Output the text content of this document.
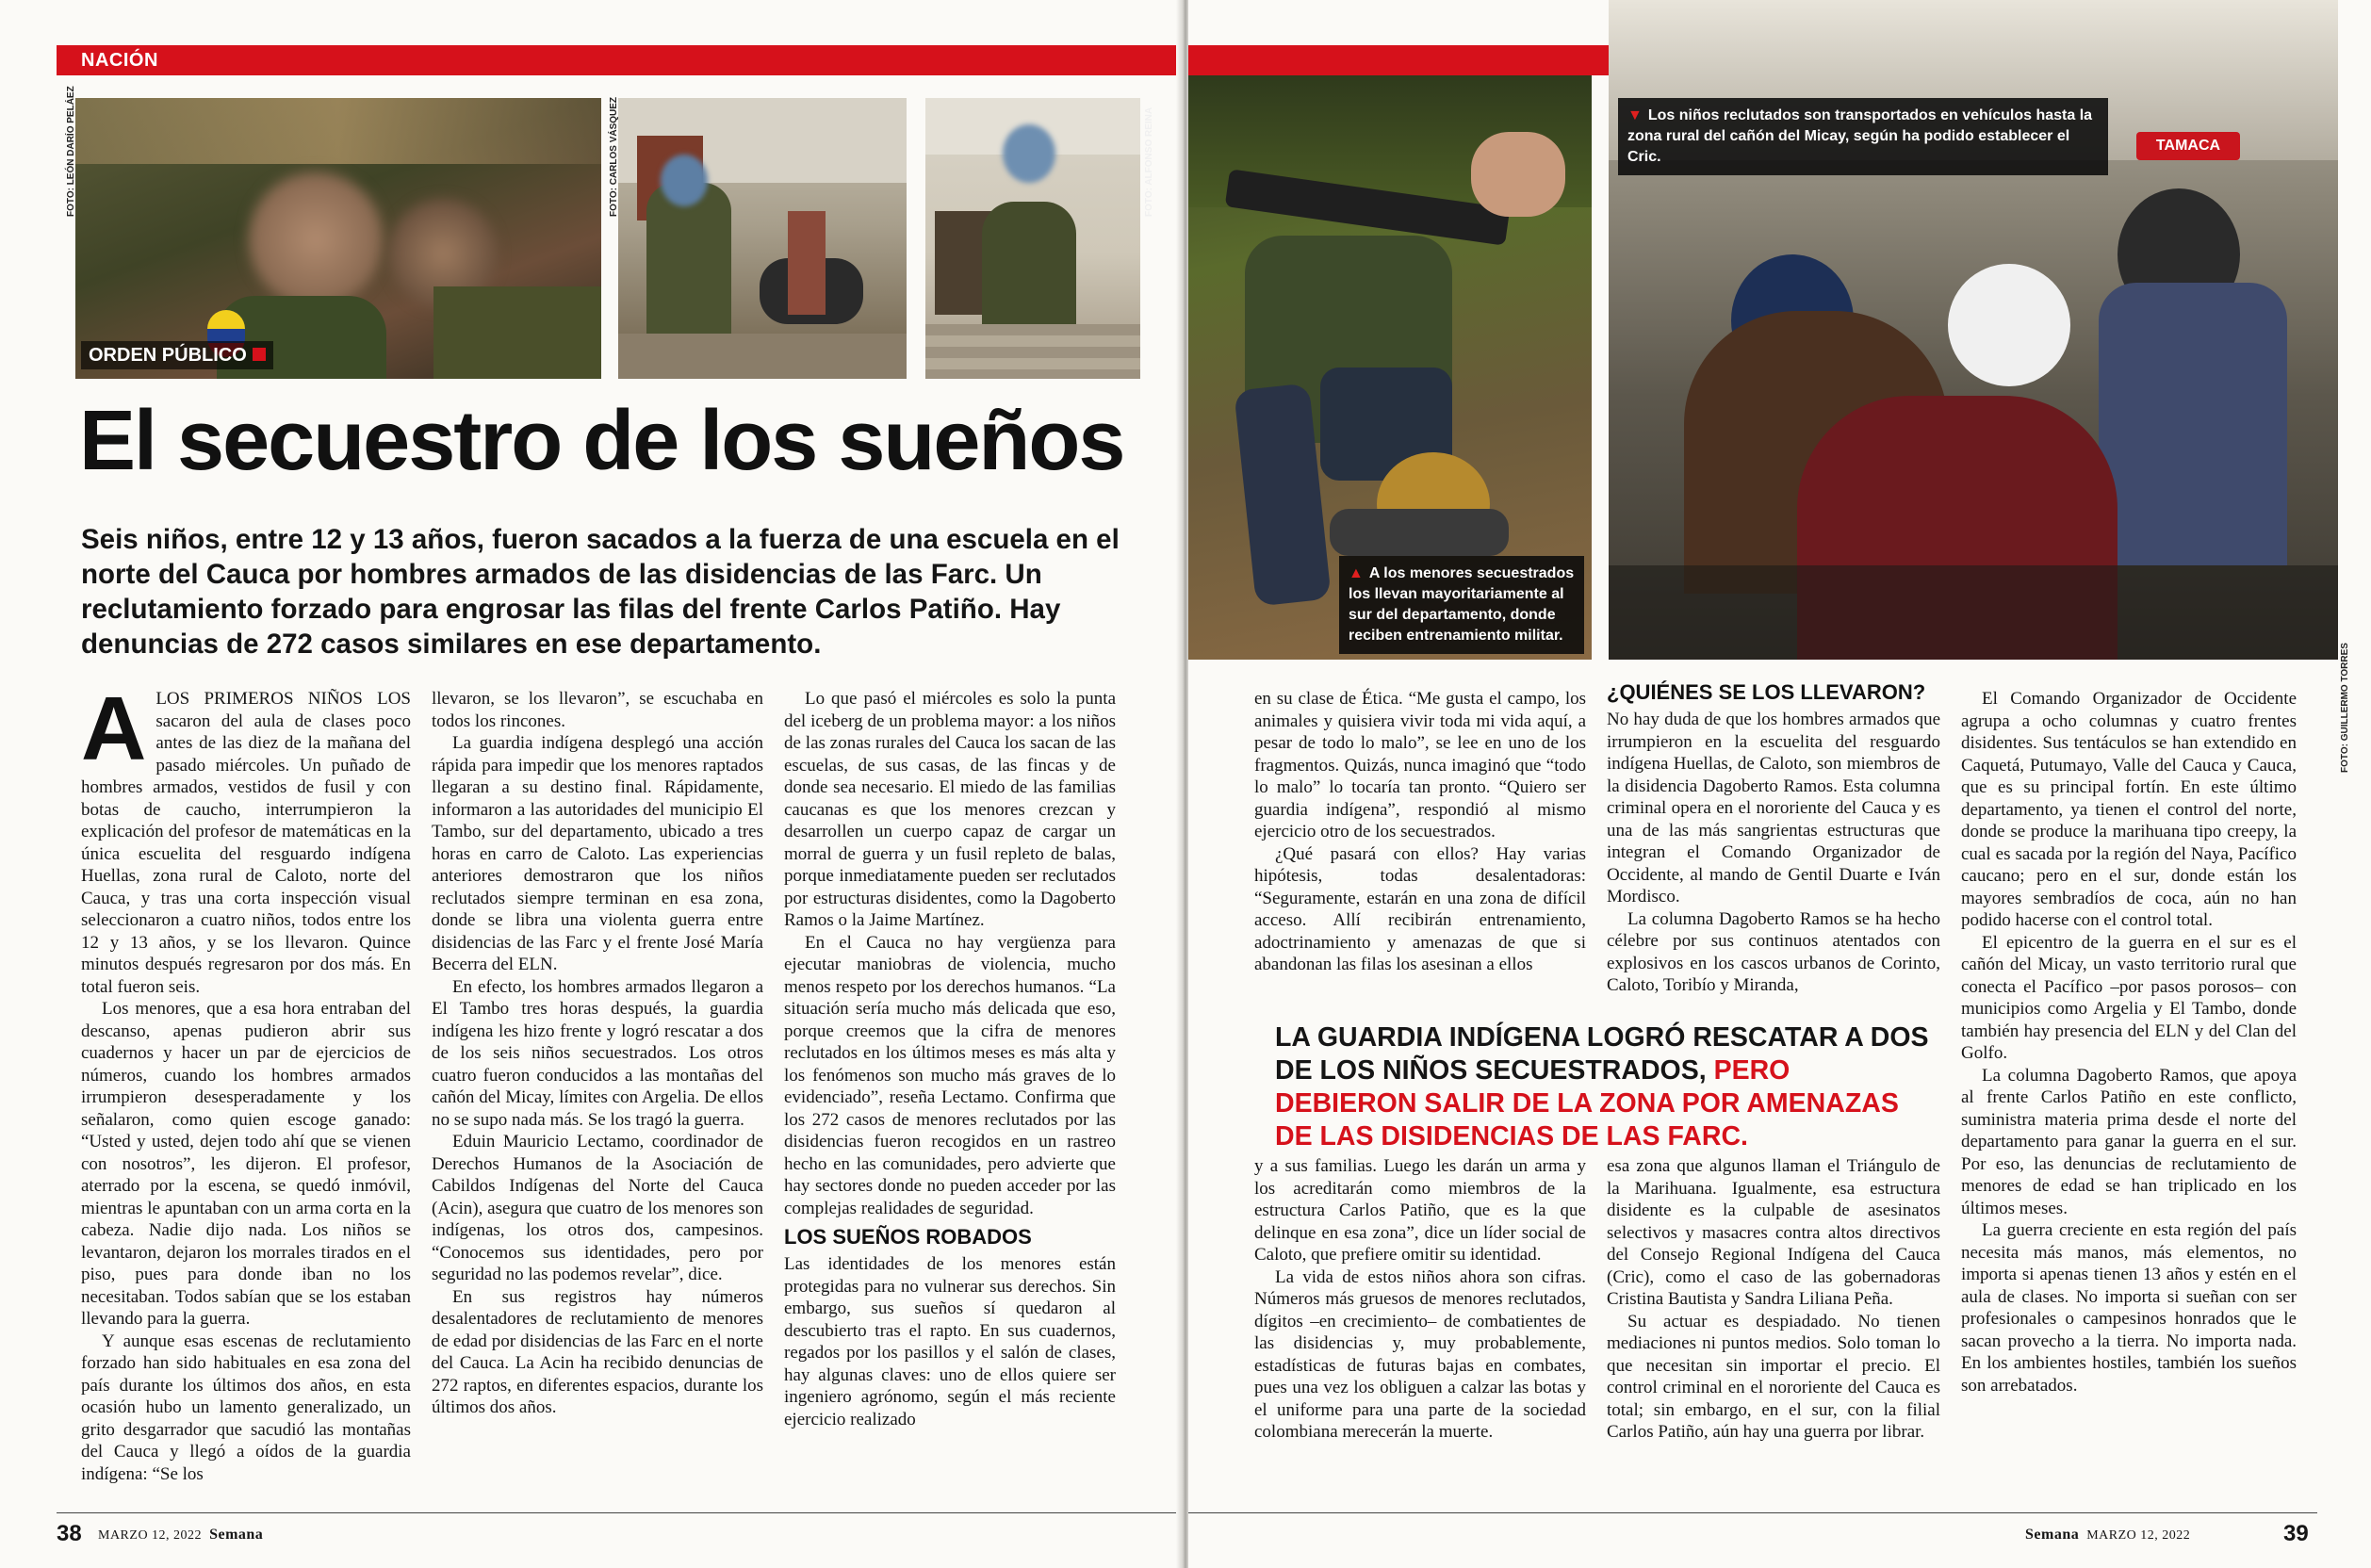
NACIÓN
ORDEN PÚBLICO
FOTO: LEÓN DARÍO PELÁEZ	FOTO: CARLOS VÁSQUEZ	FOTO: ALFONSO REINA
El secuestro de los sueños
Seis niños, entre 12 y 13 años, fueron sacados a la fuerza de una escuela en el norte del Cauca por hombres armados de las disidencias de las Farc. Un reclutamiento forzado para engrosar las filas del frente Carlos Patiño. Hay denuncias de 272 casos similares en ese departamento.

ALOS PRIMEROS NIÑOS LOS sacaron del aula de clases poco antes de las diez de la mañana del pasado miércoles. Un puñado de hombres armados, vestidos de fusil y con botas de caucho, interrumpieron la explicación del profesor de matemáticas en la única escuelita del resguardo indígena Huellas, zona rural de Caloto, norte del Cauca, y tras una corta inspección visual seleccionaron a cuatro niños, todos entre los 12 y 13 años, y se los llevaron. Quince minutos después regresaron por dos más. En total fueron seis.

Los menores, que a esa hora entraban del descanso, apenas pudieron abrir sus cuadernos y hacer un par de ejercicios de números, cuando los hombres armados irrumpieron desesperadamente y los señalaron, como quien escoge ganado: “Usted y usted, dejen todo ahí que se vienen con nosotros”, les dijeron. El profesor, aterrado por la escena, se quedó inmóvil, mientras le apuntaban con un arma corta en la cabeza. Nadie dijo nada. Los niños se levantaron, dejaron los morrales tirados en el piso, pues para donde iban no los necesitaban. Todos sabían que se los estaban llevando para la guerra.

Y aunque esas escenas de reclutamiento forzado han sido habituales en esa zona del país durante los últimos dos años, en esta ocasión hubo un lamento generalizado, un grito desgarrador que sacudió las montañas del Cauca y llegó a oídos de la guardia indígena: “Se los

llevaron, se los llevaron”, se escuchaba en todos los rincones.

La guardia indígena desplegó una acción rápida para impedir que los menores raptados llegaran a su destino final. Rápidamente, informaron a las autoridades del municipio El Tambo, sur del departamento, ubicado a tres horas en carro de Caloto. Las experiencias anteriores demostraron que los niños reclutados siempre terminan en esa zona, donde se libra una violenta guerra entre disidencias de las Farc y el frente José María Becerra del ELN.

En efecto, los hombres armados llegaron a El Tambo tres horas después, la guardia indígena les hizo frente y logró rescatar a dos de los seis niños secuestrados. Los otros cuatro fueron conducidos a las montañas del cañón del Micay, límites con Argelia. De ellos no se supo nada más. Se los tragó la guerra.

Eduin Mauricio Lectamo, coordinador de Derechos Humanos de la Asociación de Cabildos Indígenas del Norte del Cauca (Acin), asegura que cuatro de los menores son indígenas, los otros dos, campesinos. “Conocemos sus identidades, pero por seguridad no las podemos revelar”, dice.

En sus registros hay números desalentadores de reclutamiento de menores de edad por disidencias de las Farc en el norte del Cauca. La Acin ha recibido denuncias de 272 raptos, en diferentes espacios, durante los últimos dos años.

Lo que pasó el miércoles es solo la punta del iceberg de un problema mayor: a los niños de las zonas rurales del Cauca los sacan de las escuelas, de sus casas, de las fincas y de donde sea necesario. El miedo de las familias caucanas es que los menores crezcan y desarrollen un cuerpo capaz de cargar un morral de guerra y un fusil repleto de balas, porque inmediatamente pueden ser reclutados por estructuras disidentes, como la Dagoberto Ramos o la Jaime Martínez.

En el Cauca no hay vergüenza para ejecutar maniobras de violencia, mucho menos respeto por los derechos humanos. “La situación sería mucho más delicada que eso, porque creemos que la cifra de menores reclutados en los últimos meses es más alta y los fenómenos son mucho más graves de lo evidenciado”, reseña Lectamo. Confirma que los 272 casos de menores reclutados por las disidencias fueron recogidos en un rastreo hecho en las comunidades, pero advierte que hay sectores donde no pueden acceder por las complejas realidades de seguridad.

LOS SUEÑOS ROBADOS

Las identidades de los menores están protegidas para no vulnerar sus derechos. Sin embargo, sus sueños sí quedaron al descubierto tras el rapto. En sus cuadernos, regados por los pasillos y el salón de clases, hay algunas claves: uno de ellos quiere ser ingeniero agrónomo, según el más reciente ejercicio realizado

38 MARZO 12, 2022 Semana
▲ A los menores secuestrados los llevan mayoritariamente al sur del departamento, donde reciben entrenamiento militar.
TAMACA
▼ Los niños reclutados son transportados en vehículos hasta la zona rural del cañón del Micay, según ha podido establecer el Cric.
FOTO: GUILLERMO TORRES

en su clase de Ética. “Me gusta el campo, los animales y quisiera vivir toda mi vida aquí, a pesar de todo lo malo”, se lee en uno de los fragmentos. Quizás, nunca imaginó que “todo lo malo” lo tocaría tan pronto. “Quiero ser guardia indígena”, respondió al mismo ejercicio otro de los secuestrados.

¿Qué pasará con ellos? Hay varias hipótesis, todas desalentadoras: “Seguramente, estarán en una zona de difícil acceso. Allí recibirán entrenamiento, adoctrinamiento y amenazas de que si abandonan las filas los asesinan a ellos

¿QUIÉNES SE LOS LLEVARON?

No hay duda de que los hombres armados que irrumpieron en la escuelita del resguardo indígena Huellas, de Caloto, son miembros de la disidencia Dagoberto Ramos. Esta columna criminal opera en el nororiente del Cauca y es una de las más sangrientas estructuras que integran el Comando Organizador de Occidente, al mando de Gentil Duarte e Iván Mordisco.

La columna Dagoberto Ramos se ha hecho célebre por sus continuos atentados con explosivos en los cascos urbanos de Corinto, Caloto, Toribío y Miranda,

El Comando Organizador de Occidente agrupa a ocho columnas y cuatro frentes disidentes. Sus tentáculos se han extendido en Caquetá, Putumayo, Valle del Cauca y Cauca, que es su principal fortín. En este último departamento, ya tienen el control del norte, donde se produce la marihuana tipo creepy, la cual es sacada por la región del Naya, Pacífico caucano; pero en el sur, donde están los mayores sembradíos de coca, aún no han podido hacerse con el control total.

El epicentro de la guerra en el sur es el cañón del Micay, un vasto territorio rural que conecta el Pacífico –por pasos porosos– con municipios como Argelia y El Tambo, donde también hay presencia del ELN y del Clan del Golfo.

La columna Dagoberto Ramos, que apoya al frente Carlos Patiño en este conflicto, suministra materia prima desde el norte del departamento para ganar la guerra en el sur. Por eso, las denuncias de reclutamiento de menores de edad se han triplicado en los últimos meses.

La guerra creciente en esta región del país necesita más manos, más elementos, no importa si apenas tienen 13 años y estén en el aula de clases. No importa si sueñan con ser profesionales o campesinos honrados que le sacan provecho a la tierra. No importa nada. En los ambientes hostiles, también los sueños son arrebatados.

LA GUARDIA INDÍGENA LOGRÓ RESCATAR A DOS DE LOS NIÑOS SECUESTRADOS, PERO DEBIERON SALIR DE LA ZONA POR AMENAZAS DE LAS DISIDENCIAS DE LAS FARC.

y a sus familias. Luego les darán un arma y los acreditarán como miembros de la estructura Carlos Patiño, que es la que delinque en esa zona”, dice un líder social de Caloto, que prefiere omitir su identidad.

La vida de estos niños ahora son cifras. Números más gruesos de menores reclutados, dígitos –en crecimiento– de combatientes de las disidencias y, muy probablemente, estadísticas de futuras bajas en combates, pues una vez los obliguen a calzar las botas y el uniforme para una parte de la sociedad colombiana merecerán la muerte.

esa zona que algunos llaman el Triángulo de la Marihuana. Igualmente, esa estructura disidente es la culpable de asesinatos selectivos y masacres contra altos directivos del Consejo Regional Indígena del Cauca (Cric), como el caso de las gobernadoras Cristina Bautista y Sandra Liliana Peña.

Su actuar es despiadado. No tienen mediaciones ni puntos medios. Solo toman lo que necesitan sin importar el precio. El control criminal en el nororiente del Cauca es total; sin embargo, en el sur, con la filial Carlos Patiño, aún hay una guerra por librar.

Semana MARZO 12, 2022	39
